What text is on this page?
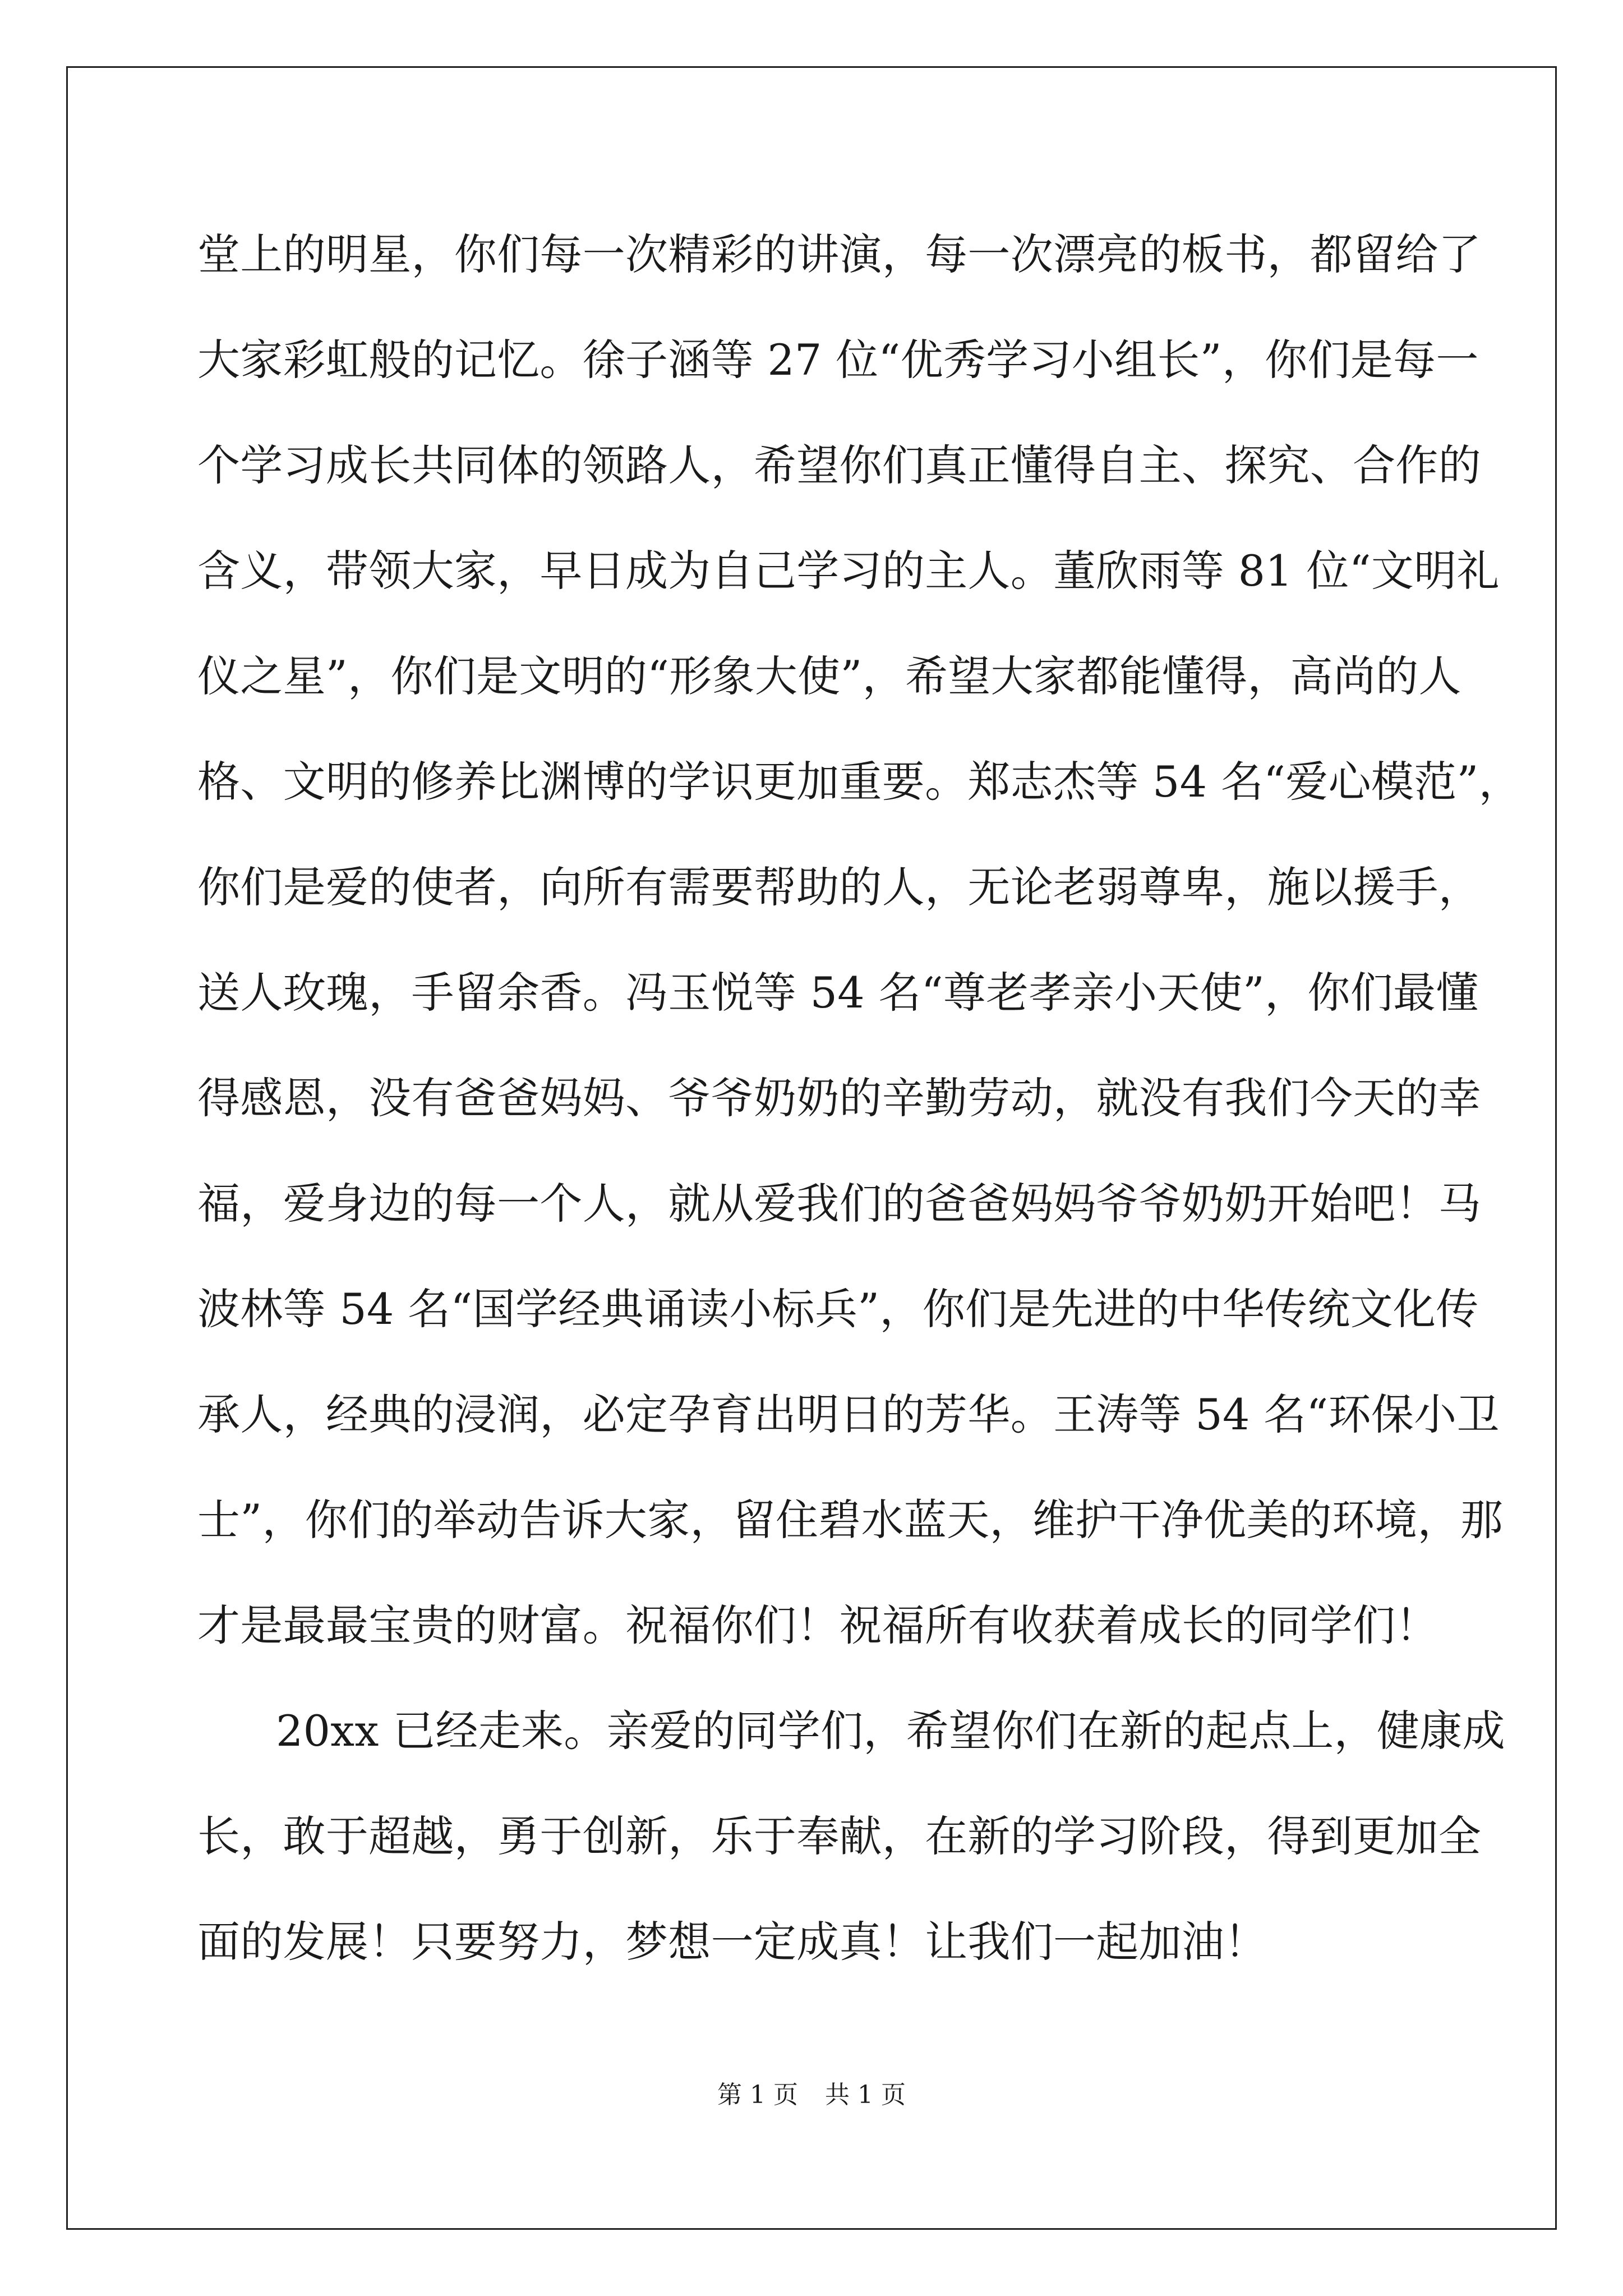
堂上的明星，你们每一次精彩的讲演，每一次漂亮的板书，都留给了
大家彩虹般的记忆。徐子涵等 27 位“优秀学习小组长”，你们是每一
个学习成长共同体的领路人，希望你们真正懂得自主、探究、合作的
含义，带领大家，早日成为自己学习的主人。董欣雨等 81 位“文明礼
仪之星”，你们是文明的“形象大使”，希望大家都能懂得，高尚的人
格、文明的修养比渊博的学识更加重要。郑志杰等 54 名“爱心模范”，
你们是爱的使者，向所有需要帮助的人，无论老弱尊卑，施以援手，
送人玫瑰，手留余香。冯玉悦等 54 名“尊老孝亲小天使”，你们最懂
得感恩，没有爸爸妈妈、爷爷奶奶的辛勤劳动，就没有我们今天的幸
福，爱身边的每一个人，就从爱我们的爸爸妈妈爷爷奶奶开始吧！马
波林等 54 名“国学经典诵读小标兵”，你们是先进的中华传统文化传
承人，经典的浸润，必定孕育出明日的芳华。王涛等 54 名“环保小卫
士”，你们的举动告诉大家，留住碧水蓝天，维护干净优美的环境，那
才是最最宝贵的财富。祝福你们！祝福所有收获着成长的同学们！
20xx 已经走来。亲爱的同学们，希望你们在新的起点上，健康成
长，敢于超越，勇于创新，乐于奉献，在新的学习阶段，得到更加全
面的发展！只要努力，梦想一定成真！让我们一起加油！
第 1 页 共 1 页
